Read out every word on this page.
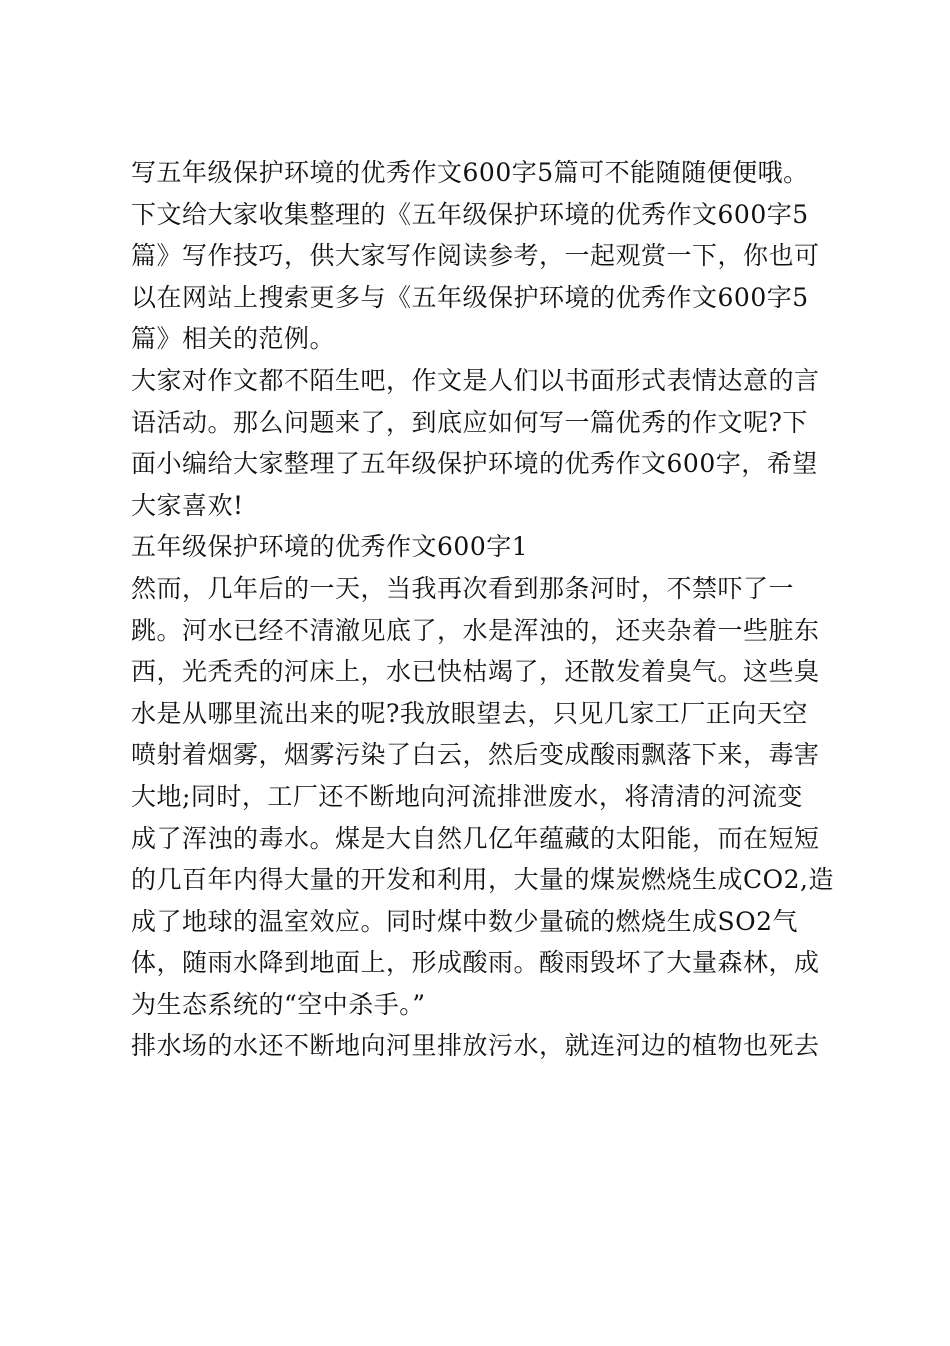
写五年级保护环境的优秀作文600字5篇可不能随随便便哦。
下文给大家收集整理的《五年级保护环境的优秀作文600字5
篇》写作技巧，供大家写作阅读参考，一起观赏一下，你也可
以在网站上搜索更多与《五年级保护环境的优秀作文600字5
篇》相关的范例。
大家对作文都不陌生吧，作文是人们以书面形式表情达意的言
语活动。那么问题来了，到底应如何写一篇优秀的作文呢?下
面小编给大家整理了五年级保护环境的优秀作文600字，希望
大家喜欢!
五年级保护环境的优秀作文600字1
然而，几年后的一天，当我再次看到那条河时，不禁吓了一
跳。河水已经不清澈见底了，水是浑浊的，还夹杂着一些脏东
西，光秃秃的河床上，水已快枯竭了，还散发着臭气。这些臭
水是从哪里流出来的呢?我放眼望去，只见几家工厂正向天空
喷射着烟雾，烟雾污染了白云，然后变成酸雨飘落下来，毒害
大地;同时，工厂还不断地向河流排泄废水，将清清的河流变
成了浑浊的毒水。煤是大自然几亿年蕴藏的太阳能，而在短短
的几百年内得大量的开发和利用，大量的煤炭燃烧生成CO2,造
成了地球的温室效应。同时煤中数少量硫的燃烧生成SO2气
体，随雨水降到地面上，形成酸雨。酸雨毁坏了大量森林，成
为生态系统的“空中杀手。”
排水场的水还不断地向河里排放污水，就连河边的植物也死去
